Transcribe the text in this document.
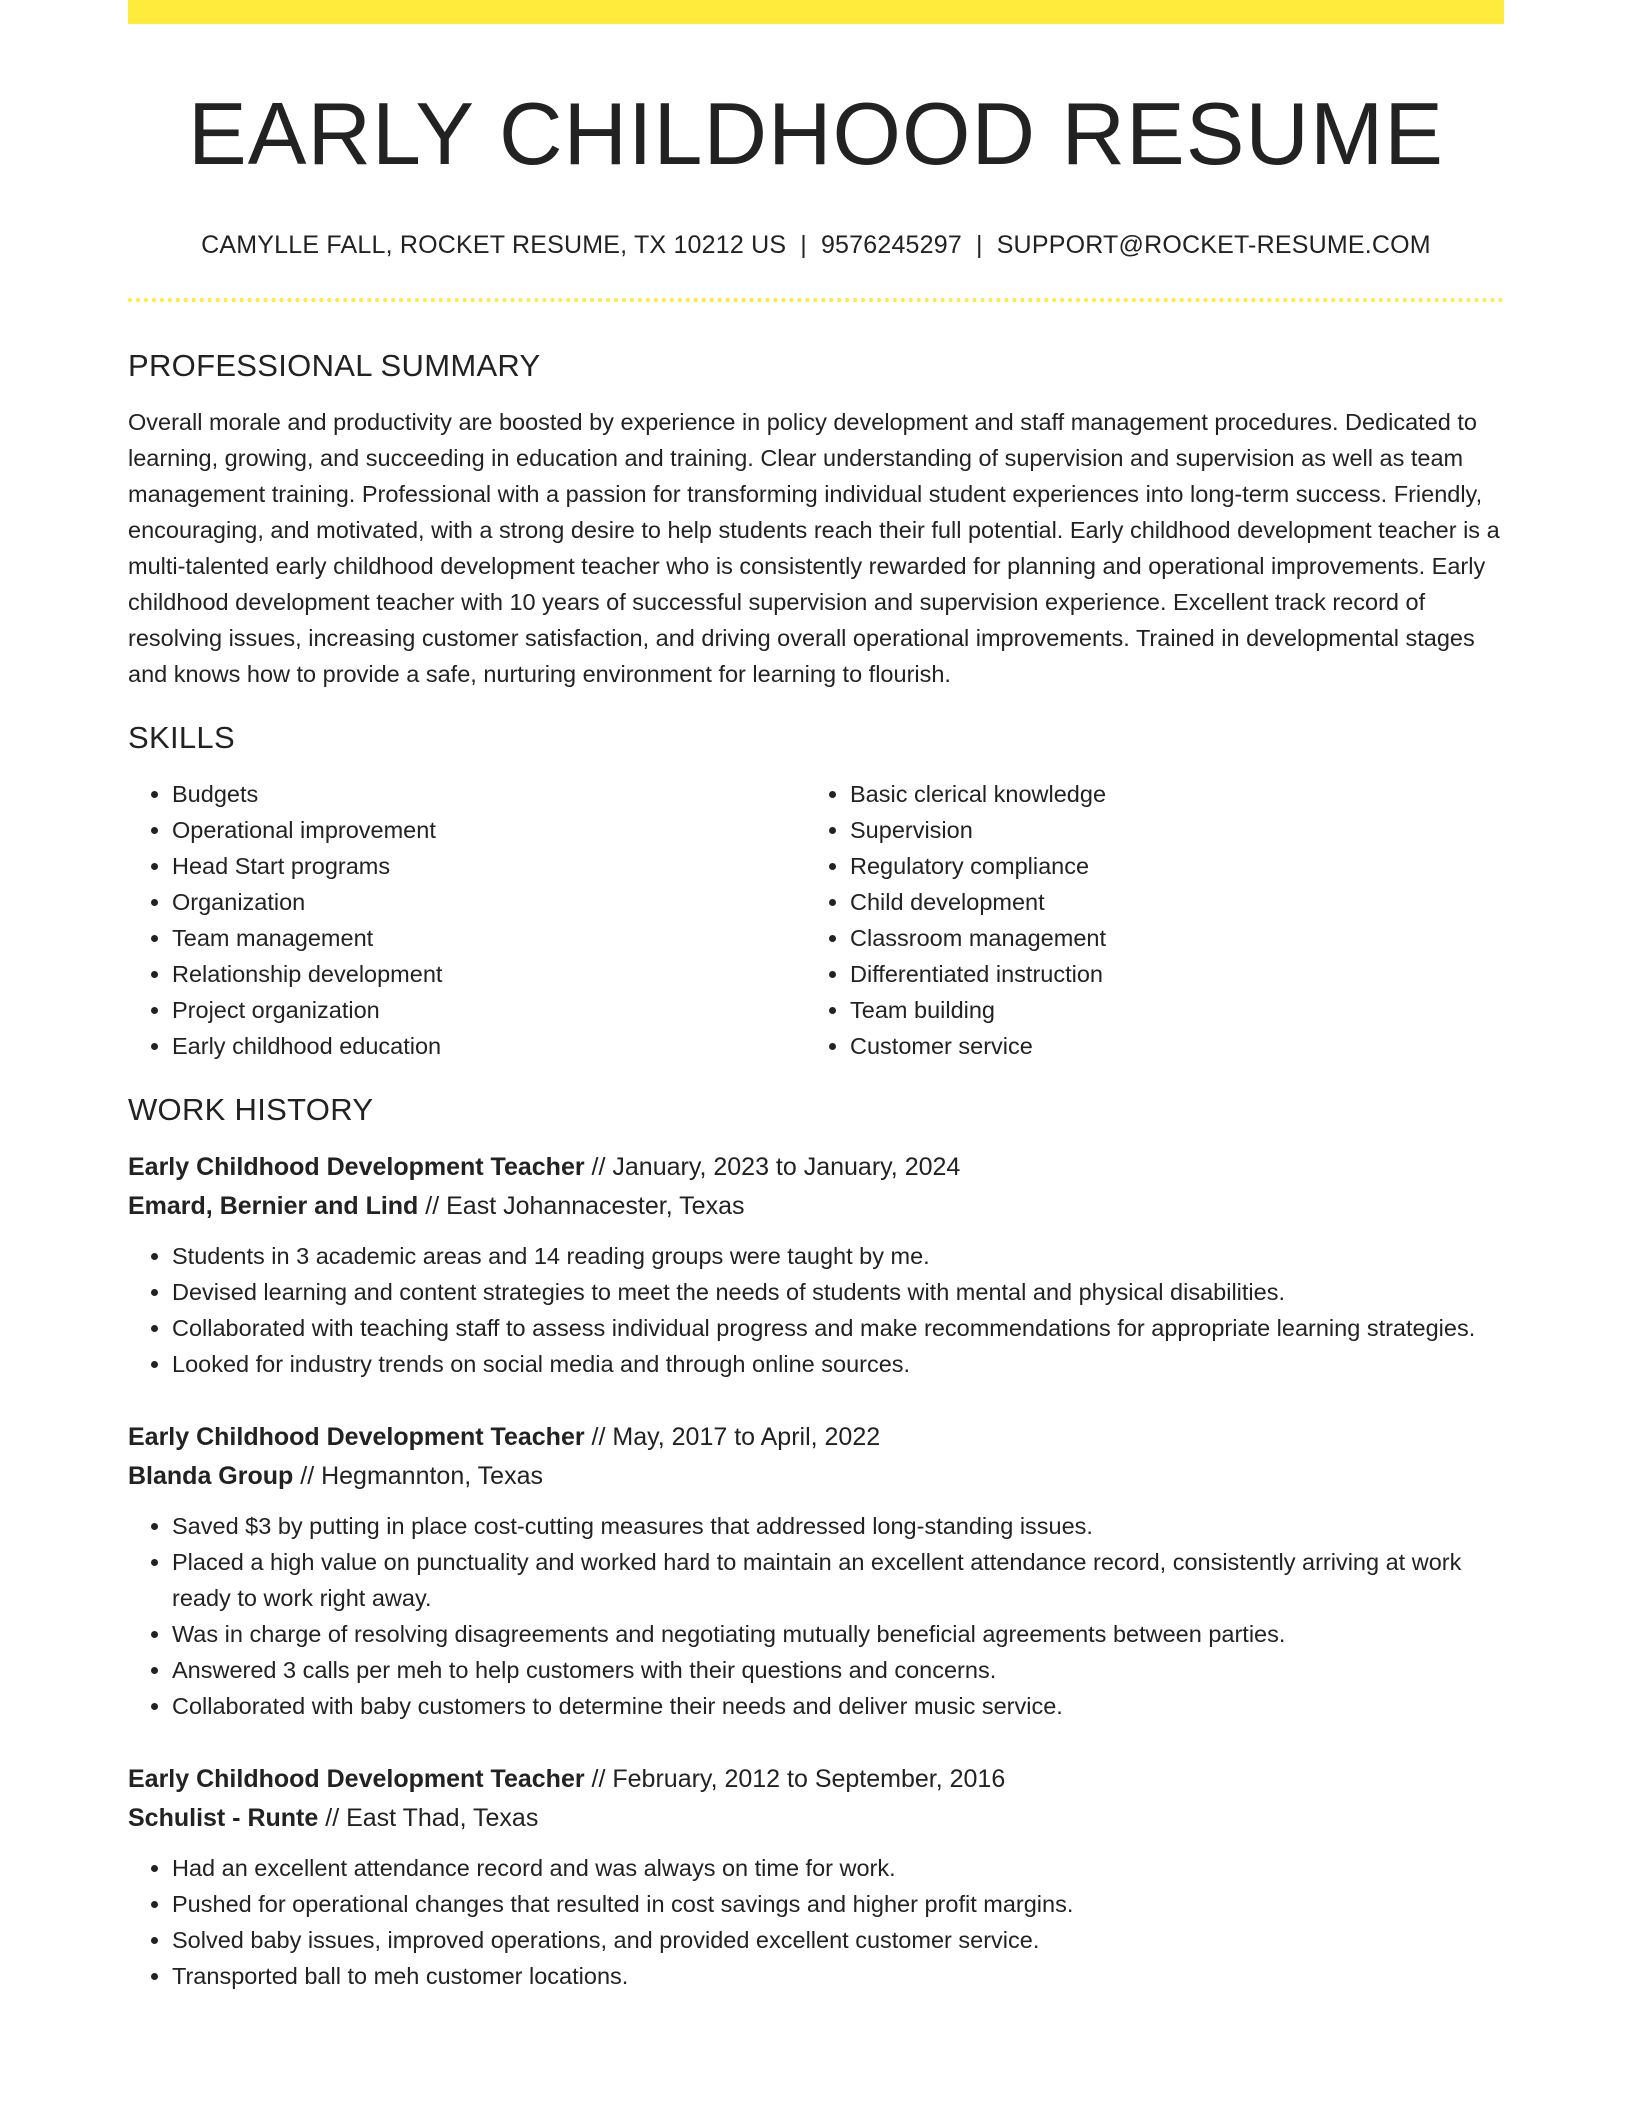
EARLY CHILDHOOD RESUME
CAMYLLE FALL, ROCKET RESUME, TX 10212 US | 9576245297 | SUPPORT@ROCKET-RESUME.COM
PROFESSIONAL SUMMARY

Overall morale and productivity are boosted by experience in policy development and staff management procedures. Dedicated to learning, growing, and succeeding in education and training. Clear understanding of supervision and supervision as well as team management training. Professional with a passion for transforming individual student experiences into long-term success. Friendly, encouraging, and motivated, with a strong desire to help students reach their full potential. Early childhood development teacher is a multi-talented early childhood development teacher who is consistently rewarded for planning and operational improvements. Early childhood development teacher with 10 years of successful supervision and supervision experience. Excellent track record of resolving issues, increasing customer satisfaction, and driving overall operational improvements. Trained in developmental stages and knows how to provide a safe, nurturing environment for learning to flourish.

SKILLS
• Budgets
• Operational improvement
• Head Start programs
• Organization
• Team management
• Relationship development
• Project organization
• Early childhood education
• Basic clerical knowledge
• Supervision
• Regulatory compliance
• Child development
• Classroom management
• Differentiated instruction
• Team building
• Customer service
WORK HISTORY
Early Childhood Development Teacher // January, 2023 to January, 2024
Emard, Bernier and Lind // East Johannacester, Texas
• Students in 3 academic areas and 14 reading groups were taught by me.
• Devised learning and content strategies to meet the needs of students with mental and physical disabilities.
• Collaborated with teaching staff to assess individual progress and make recommendations for appropriate learning strategies.
• Looked for industry trends on social media and through online sources.
Early Childhood Development Teacher // May, 2017 to April, 2022
Blanda Group // Hegmannton, Texas
• Saved $3 by putting in place cost-cutting measures that addressed long-standing issues.
• Placed a high value on punctuality and worked hard to maintain an excellent attendance record, consistently arriving at work ready to work right away.
• Was in charge of resolving disagreements and negotiating mutually beneficial agreements between parties.
• Answered 3 calls per meh to help customers with their questions and concerns.
• Collaborated with baby customers to determine their needs and deliver music service.
Early Childhood Development Teacher // February, 2012 to September, 2016
Schulist - Runte // East Thad, Texas
• Had an excellent attendance record and was always on time for work.
• Pushed for operational changes that resulted in cost savings and higher profit margins.
• Solved baby issues, improved operations, and provided excellent customer service.
• Transported ball to meh customer locations.
